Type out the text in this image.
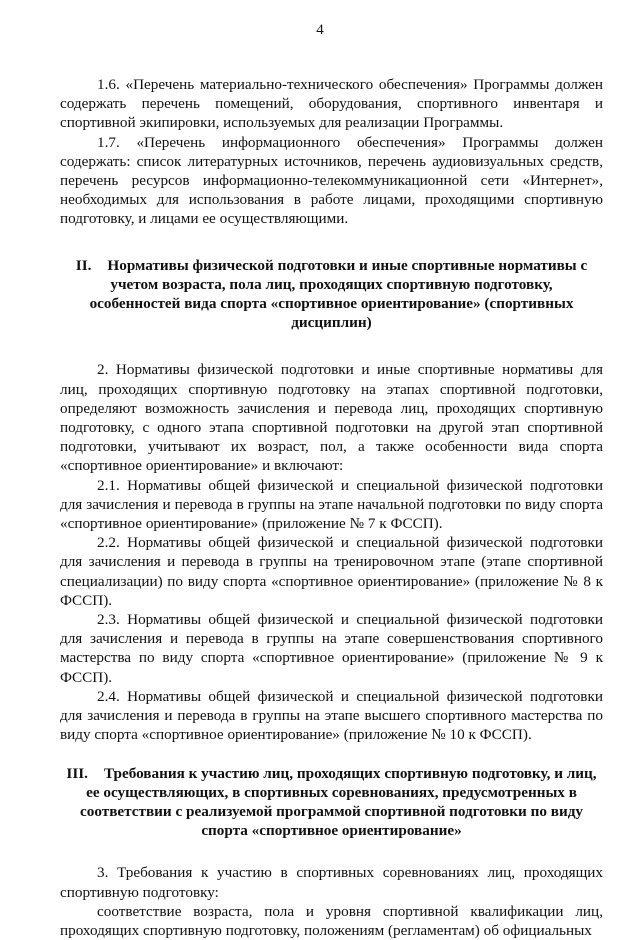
4

1.6. «Перечень материально-технического обеспечения» Программы должен содержать перечень помещений, оборудования, спортивного инвентаря и спортивной экипировки, используемых для реализации Программы.

1.7. «Перечень информационного обеспечения» Программы должен содержать: список литературных источников, перечень аудиовизуальных средств, перечень ресурсов информационно-телекоммуникационной сети «Интернет», необходимых для использования в работе лицами, проходящими спортивную подготовку, и лицами ее осуществляющими.

II. Нормативы физической подготовки и иные спортивные нормативы с учетом возраста, пола лиц, проходящих спортивную подготовку, особенностей вида спорта «спортивное ориентирование» (спортивных дисциплин)

2. Нормативы физической подготовки и иные спортивные нормативы для лиц, проходящих спортивную подготовку на этапах спортивной подготовки, определяют возможность зачисления и перевода лиц, проходящих спортивную подготовку, с одного этапа спортивной подготовки на другой этап спортивной подготовки, учитывают их возраст, пол, а также особенности вида спорта «спортивное ориентирование» и включают:

2.1. Нормативы общей физической и специальной физической подготовки для зачисления и перевода в группы на этапе начальной подготовки по виду спорта «спортивное ориентирование» (приложение № 7 к ФССП).

2.2. Нормативы общей физической и специальной физической подготовки для зачисления и перевода в группы на тренировочном этапе (этапе спортивной специализации) по виду спорта «спортивное ориентирование» (приложение № 8 к ФССП).

2.3. Нормативы общей физической и специальной физической подготовки для зачисления и перевода в группы на этапе совершенствования спортивного мастерства по виду спорта «спортивное ориентирование» (приложение № 9 к ФССП).

2.4. Нормативы общей физической и специальной физической подготовки для зачисления и перевода в группы на этапе высшего спортивного мастерства по виду спорта «спортивное ориентирование» (приложение № 10 к ФССП).

III. Требования к участию лиц, проходящих спортивную подготовку, и лиц, ее осуществляющих, в спортивных соревнованиях, предусмотренных в соответствии с реализуемой программой спортивной подготовки по виду спорта «спортивное ориентирование»

3. Требования к участию в спортивных соревнованиях лиц, проходящих спортивную подготовку:

соответствие возраста, пола и уровня спортивной квалификации лиц, проходящих спортивную подготовку, положениям (регламентам) об официальных
